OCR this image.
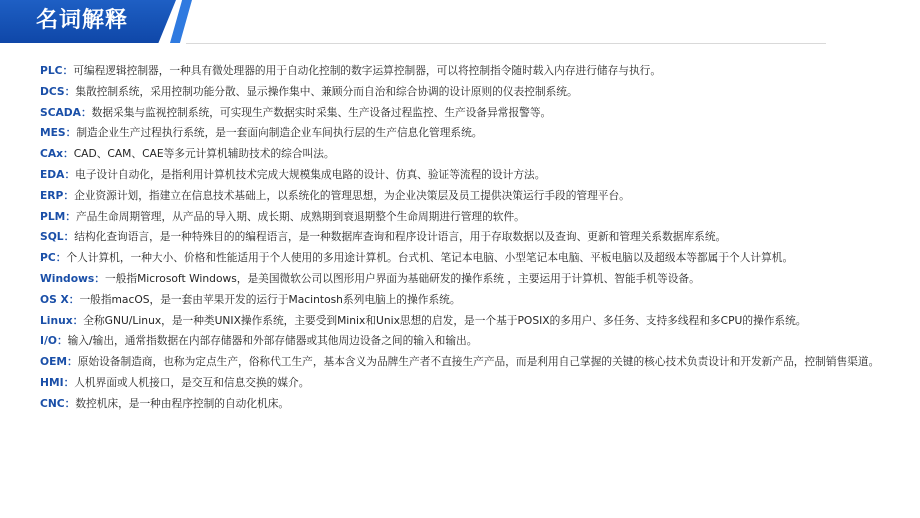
名词解释
PLC：可编程逻辑控制器，一种具有微处理器的用于自动化控制的数字运算控制器，可以将控制指令随时载入内存进行储存与执行。
DCS：集散控制系统，采用控制功能分散、显示操作集中、兼顾分而自治和综合协调的设计原则的仪表控制系统。
SCADA：数据采集与监视控制系统，可实现生产数据实时采集、生产设备过程监控、生产设备异常报警等。
MES：制造企业生产过程执行系统，是一套面向制造企业车间执行层的生产信息化管理系统。
CAx：CAD、CAM、CAE等多元计算机辅助技术的综合叫法。
EDA：电子设计自动化，是指利用计算机技术完成大规模集成电路的设计、仿真、验证等流程的设计方法。
ERP：企业资源计划，指建立在信息技术基础上，以系统化的管理思想，为企业决策层及员工提供决策运行手段的管理平台。
PLM：产品生命周期管理，从产品的导入期、成长期、成熟期到衰退期整个生命周期进行管理的软件。
SQL：结构化查询语言，是一种特殊目的的编程语言，是一种数据库查询和程序设计语言，用于存取数据以及查询、更新和管理关系数据库系统。
PC：个人计算机，一种大小、价格和性能适用于个人使用的多用途计算机。台式机、笔记本电脑、小型笔记本电脑、平板电脑以及超级本等都属于个人计算机。
Windows：一般指Microsoft Windows，是美国微软公司以图形用户界面为基础研发的操作系统 ，主要运用于计算机、智能手机等设备。
OS X：一般指macOS，是一套由苹果开发的运行于Macintosh系列电脑上的操作系统。
Linux：全称GNU/Linux，是一种类UNIX操作系统，主要受到Minix和Unix思想的启发，是一个基于POSIX的多用户、多任务、支持多线程和多CPU的操作系统。
I/O：输入/输出，通常指数据在内部存储器和外部存储器或其他周边设备之间的输入和输出。
OEM：原始设备制造商，也称为定点生产，俗称代工生产，基本含义为品牌生产者不直接生产产品，而是利用自己掌握的关键的核心技术负责设计和开发新产品，控制销售渠道。
HMI：人机界面或人机接口，是交互和信息交换的媒介。
CNC：数控机床，是一种由程序控制的自动化机床。
